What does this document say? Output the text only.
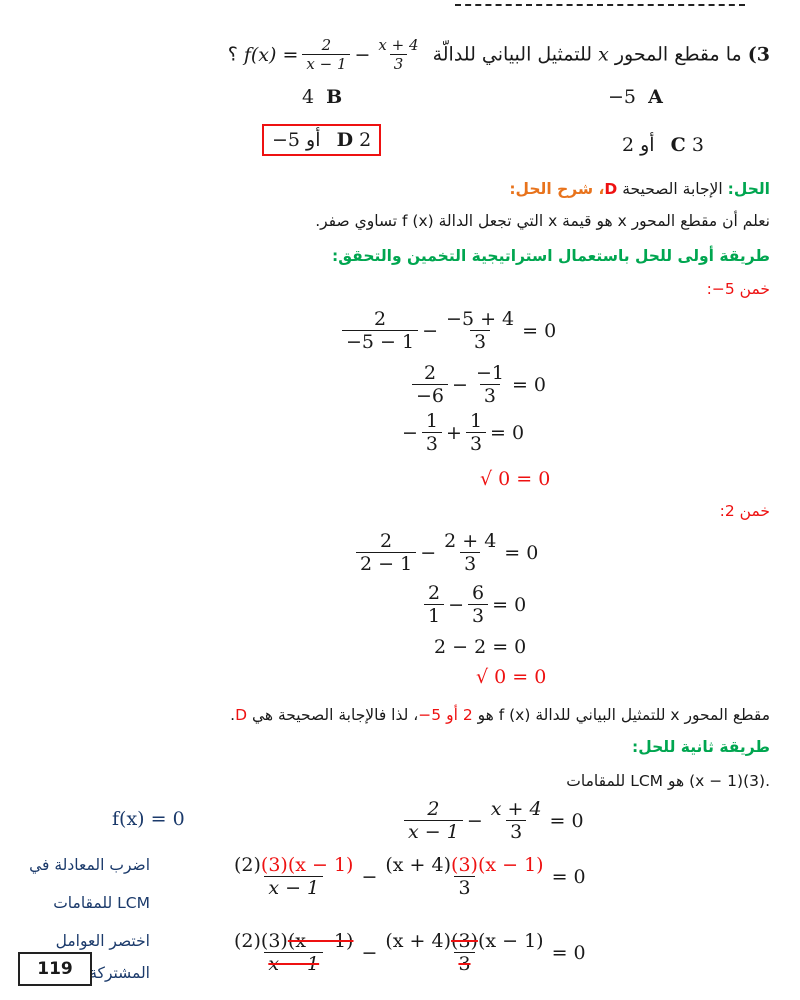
3) ما مقطع المحور x للتمثيل البياني للدالّة
$f(x) = \frac{2}{x - 1} - \frac{x + 4}{3}$
؟
−5 A
4 B
C 3 أو 2
D 2 أو 5−
الحل: الإجابة الصحيحة D، شرح الحل:
نعلم أن مقطع المحور x هو قيمة x التي تجعل الدالة f (x) تساوي صفر.
طريقة أولى للحل باستعمال استراتيجية التخمين والتحقق:
خمن 5−:
$\frac{2}{-5 - 1} - \frac{-5 + 4}{3} = 0$
$\frac{2}{-6} - \frac{-1}{3} = 0$
− $\frac{1}{3} + \frac{1}{3} = 0$
√ 0 = 0
خمن 2:
$\frac{2}{2 - 1} - \frac{2 + 4}{3} = 0$
$\frac{2}{1} - \frac{6}{3} = 0$
2 − 2 = 0
√ 0 = 0
مقطع المحور x للتمثيل البياني للدالة f (x) هو 2 أو 5−، لذا فالإجابة الصحيحة هي D.
طريقة ثانية للحل:
.(3)(x − 1) هو LCM للمقامات
f(x) = 0	$\frac{2}{x - 1} - \frac{x + 4}{3} = 0$
اضرب المعادلة في
LCM للمقامات
$\frac{(2)(3)(x - 1)}{x - 1} - \frac{(x + 4)(3)(x - 1)}{3} = 0$
اختصر العوامل
المشتركة	$\frac{(2)(3)(x - 1)}{x - 1} - \frac{(x + 4)(3)(x - 1)}{3} = 0$
119
